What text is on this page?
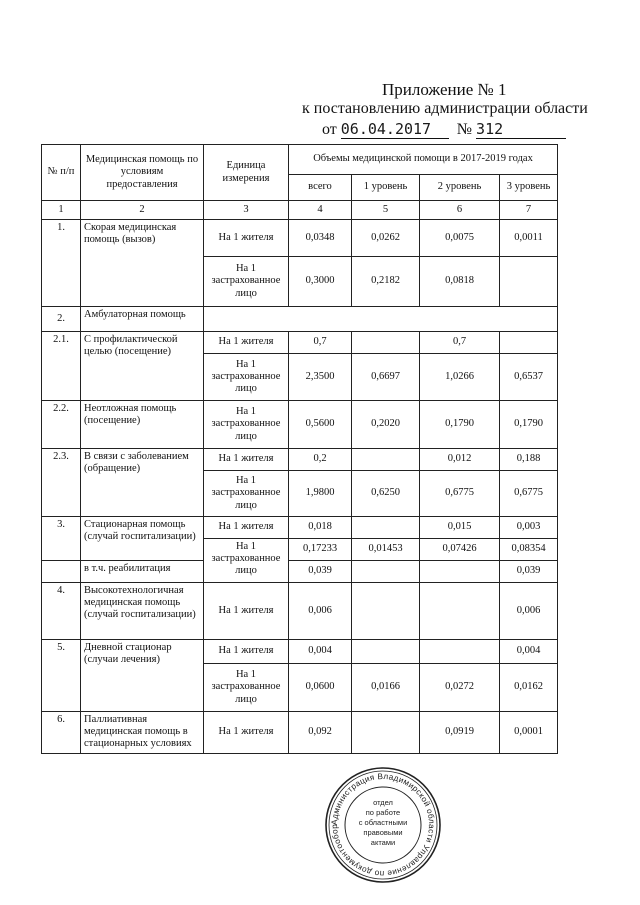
Приложение № 1
к постановлению администрации области
от 06.04.2017 № 312
№ п/п	Медицинская помощь по условиям предоставления	Единица измерения	Объемы медицинской помощи в 2017-2019 годах			
			всего	1 уровень	2 уровень	3 уровень
1	2	3	4	5	6	7
1.	Скорая медицинская помощь (вызов)	На 1 жителя	0,0348	0,0262	0,0075	0,0011
		На 1 застрахованное лицо	0,3000	0,2182	0,0818	
2.	Амбулаторная помощь					
2.1.	С профилактической целью (посещение)	На 1 жителя	0,7		0,7	
		На 1 застрахованное лицо	2,3500	0,6697	1,0266	0,6537
2.2.	Неотложная помощь (посещение)	На 1 застрахованное лицо	0,5600	0,2020	0,1790	0,1790
2.3.	В связи с заболеванием (обращение)	На 1 жителя	0,2		0,012	0,188
		На 1 застрахованное лицо	1,9800	0,6250	0,6775	0,6775
3.	Стационарная помощь (случай госпитализации)	На 1 жителя	0,018		0,015	0,003
		На 1 застрахованное лицо	0,17233	0,01453	0,07426	0,08354
	в т.ч. реабилитация		0,039			0,039
4.	Высокотехнологичная медицинская помощь (случай госпитализации)	На 1 жителя	0,006			0,006
5.	Дневной стационар (случаи лечения)	На 1 жителя	0,004			0,004
		На 1 застрахованное лицо	0,0600	0,0166	0,0272	0,0162
6.	Паллиативная медицинская помощь в стационарных условиях	На 1 жителя	0,092		0,0919	0,0001
Администрация Владимирской области Управление по документообор
отдел
по работе
с областными
правовыми
актами
